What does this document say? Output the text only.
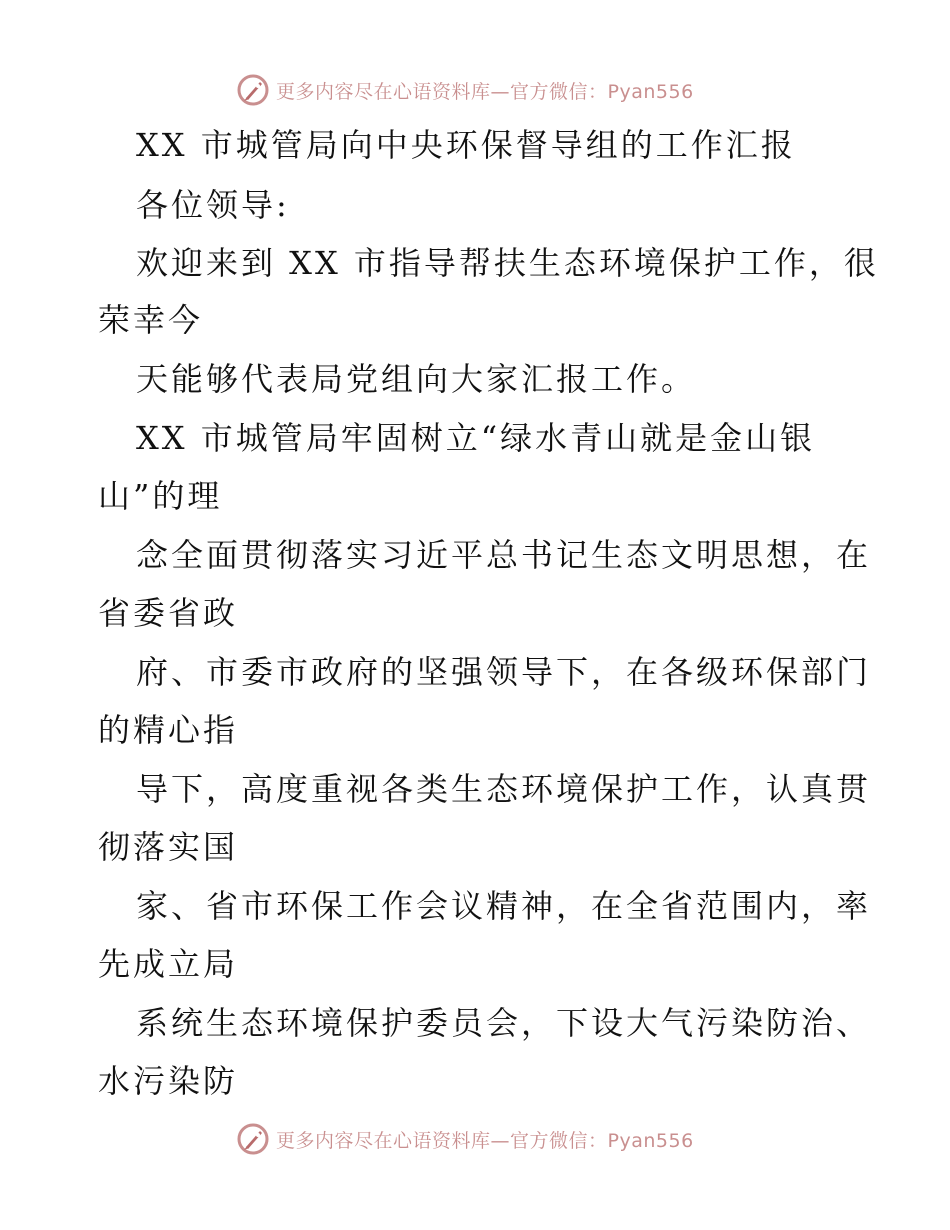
更多内容尽在心语资料库—官方微信：Pyan556
XX 市城管局向中央环保督导组的工作汇报
各位领导:
欢迎来到 XX 市指导帮扶生态环境保护工作，很
荣幸今
天能够代表局党组向大家汇报工作。
XX 市城管局牢固树立“绿水青山就是金山银
山”的理
念全面贯彻落实习近平总书记生态文明思想，在
省委省政
府、市委市政府的坚强领导下，在各级环保部门
的精心指
导下，高度重视各类生态环境保护工作，认真贯
彻落实国
家、省市环保工作会议精神，在全省范围内，率
先成立局
系统生态环境保护委员会，下设大气污染防治、
水污染防
更多内容尽在心语资料库—官方微信：Pyan556
